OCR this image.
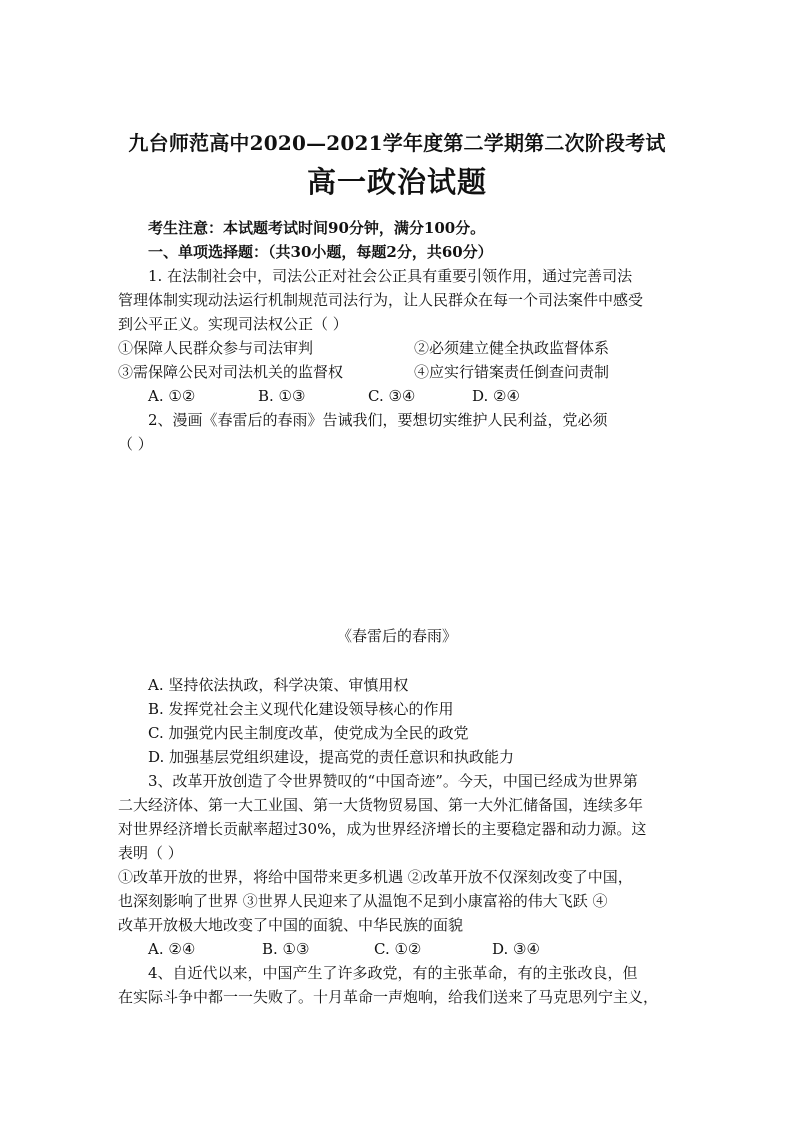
九台师范高中2020—2021学年度第二学期第二次阶段考试
高一政治试题
考生注意：本试题考试时间90分钟，满分100分。
一、单项选择题：（共30小题，每题2分，共60分）
1. 在法制社会中，司法公正对社会公正具有重要引领作用，通过完善司法
管理体制实现动法运行机制规范司法行为，让人民群众在每一个司法案件中感受
到公平正义。实现司法权公正（ ）
①保障人民群众参与司法审判	②必须建立健全执政监督体系
③需保障公民对司法机关的监督权	④应实行错案责任倒查问责制
A. ①②	B. ①③	C. ③④	D. ②④
2、漫画《春雷后的春雨》告诫我们，要想切实维护人民利益，党必须
（ ）
《春雷后的春雨》
A. 坚持依法执政，科学决策、审慎用权
B. 发挥党社会主义现代化建设领导核心的作用
C. 加强党内民主制度改革，使党成为全民的政党
D. 加强基层党组织建设，提高党的责任意识和执政能力
3、改革开放创造了令世界赞叹的“中国奇迹”。今天，中国已经成为世界第
二大经济体、第一大工业国、第一大货物贸易国、第一大外汇储备国，连续多年
对世界经济增长贡献率超过30%，成为世界经济增长的主要稳定器和动力源。这
表明（ ）
①改革开放的世界，将给中国带来更多机遇 ②改革开放不仅深刻改变了中国，
也深刻影响了世界 ③世界人民迎来了从温饱不足到小康富裕的伟大飞跃 ④
改革开放极大地改变了中国的面貌、中华民族的面貌
A. ②④	B. ①③	C. ①②	D. ③④
4、自近代以来，中国产生了许多政党，有的主张革命，有的主张改良，但
在实际斗争中都一一失败了。十月革命一声炮响，给我们送来了马克思列宁主义，
